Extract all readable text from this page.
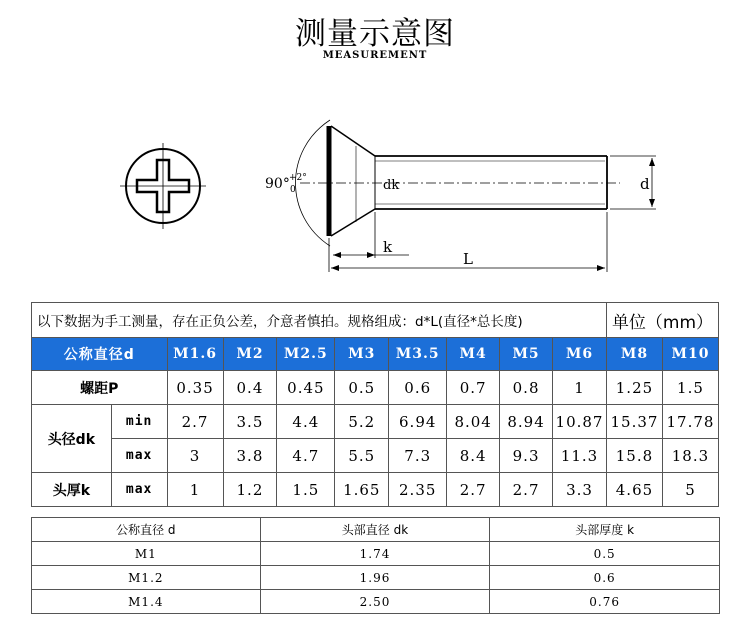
测量示意图
MEASUREMENT
90° +2°
0	dk	d
k
L
以下数据为手工测量，存在正负公差，介意者慎拍。规格组成：d*L(直径*总长度)										单位（mm）	
公称直径d		M1.6	M2	M2.5	M3	M3.5	M4	M5	M6	M8	M10
螺距P		0.35	0.4	0.45	0.5	0.6	0.7	0.8	1	1.25	1.5
头径dk	min	2.7	3.5	4.4	5.2	6.94	8.04	8.94	10.87	15.37	17.78
	max	3	3.8	4.7	5.5	7.3	8.4	9.3	11.3	15.8	18.3
头厚k	max	1	1.2	1.5	1.65	2.35	2.7	2.7	3.3	4.65	5
公称直径 d	头部直径 dk	头部厚度 k
M1	1.74	0.5
M1.2	1.96	0.6
M1.4	2.50	0.76
